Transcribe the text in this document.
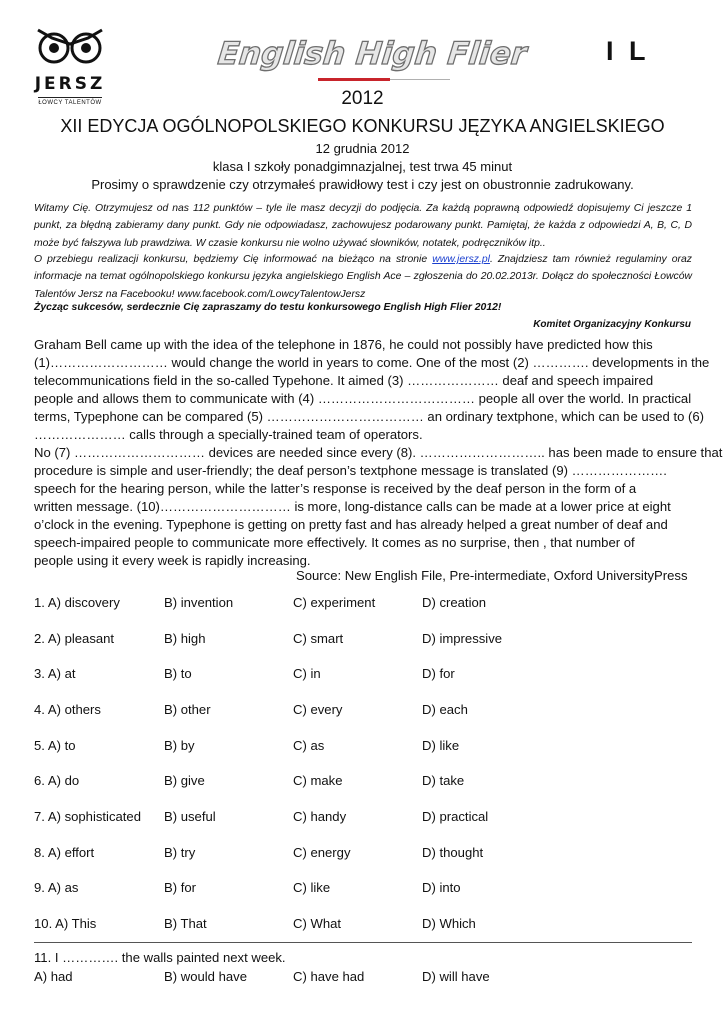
JERSZ
ŁOWCY TALENTÓW
English High Flier	I L
2012
XII EDYCJA OGÓLNOPOLSKIEGO KONKURSU JĘZYKA ANGIELSKIEGO
12 grudnia 2012
klasa I szkoły ponadgimnazjalnej, test trwa 45 minut
Prosimy o sprawdzenie czy otrzymałeś prawidłowy test i czy jest on obustronnie zadrukowany.
Witamy Cię. Otrzymujesz od nas 112 punktów – tyle ile masz decyzji do podjęcia. Za każdą poprawną odpowiedź dopisujemy Ci jeszcze 1 punkt, za błędną zabieramy dany punkt. Gdy nie odpowiadasz, zachowujesz podarowany punkt. Pamiętaj, że każda z odpowiedzi A, B, C, D może być fałszywa lub prawdziwa. W czasie konkursu nie wolno używać słowników, notatek, podręczników itp..
O przebiegu realizacji konkursu, będziemy Cię informować na bieżąco na stronie www.jersz.pl. Znajdziesz tam również regulaminy oraz informacje na temat ogólnopolskiego konkursu języka angielskiego English Ace – zgłoszenia do 20.02.2013r. Dołącz do społeczności Łowców Talentów Jersz na Facebooku! www.facebook.com/LowcyTalentowJersz
Życząc sukcesów, serdecznie Cię zapraszamy do testu konkursowego English High Flier 2012!
Komitet Organizacyjny Konkursu

Graham Bell came up with the idea of the telephone in 1876, he could not possibly have predicted how this

(1)……………………… would change the world in years to come. One of the most (2) …………. developments in the

telecommunications field in the so-called Typehone. It aimed (3) ………………… deaf and speech impaired

people and allows them to communicate with (4) ……………………………… people all over the world. In practical

terms, Typephone can be compared (5) ……………………………… an ordinary textphone, which can be used to (6)

………………… calls through a specially-trained team of operators.

No (7) ………………………… devices are needed since every (8). ……………………….. has been made to ensure that

procedure is simple and user-friendly; the deaf person’s textphone message is translated (9) ………………….

speech for the hearing person, while the latter’s response is received by the deaf person in the form of a

written message. (10)………………………… is more, long-distance calls can be made at a lower price at eight

o’clock in the evening. Typephone is getting on pretty fast and has already helped a great number of deaf and

speech-impaired people to communicate more effectively. It comes as no surprise, then , that number of

people using it every week is rapidly increasing.

Source: New English File, Pre-intermediate, Oxford UniversityPress
1. A) discovery	B) invention	C) experiment	D) creation
2. A) pleasant	B) high	C) smart	D) impressive
3. A) at	B) to	C) in	D) for
4. A) others	B) other	C) every	D) each
5. A) to	B) by	C) as	D) like
6. A) do	B) give	C) make	D) take
7. A) sophisticated B) useful	C) handy	D) practical
8. A) effort	B) try	C) energy	D) thought
9. A) as	B) for	C) like	D) into
10. A) This	B) That	C) What	D) Which
11. I …………. the walls painted next week.
A) had	B) would have	C) have had	D) will have
